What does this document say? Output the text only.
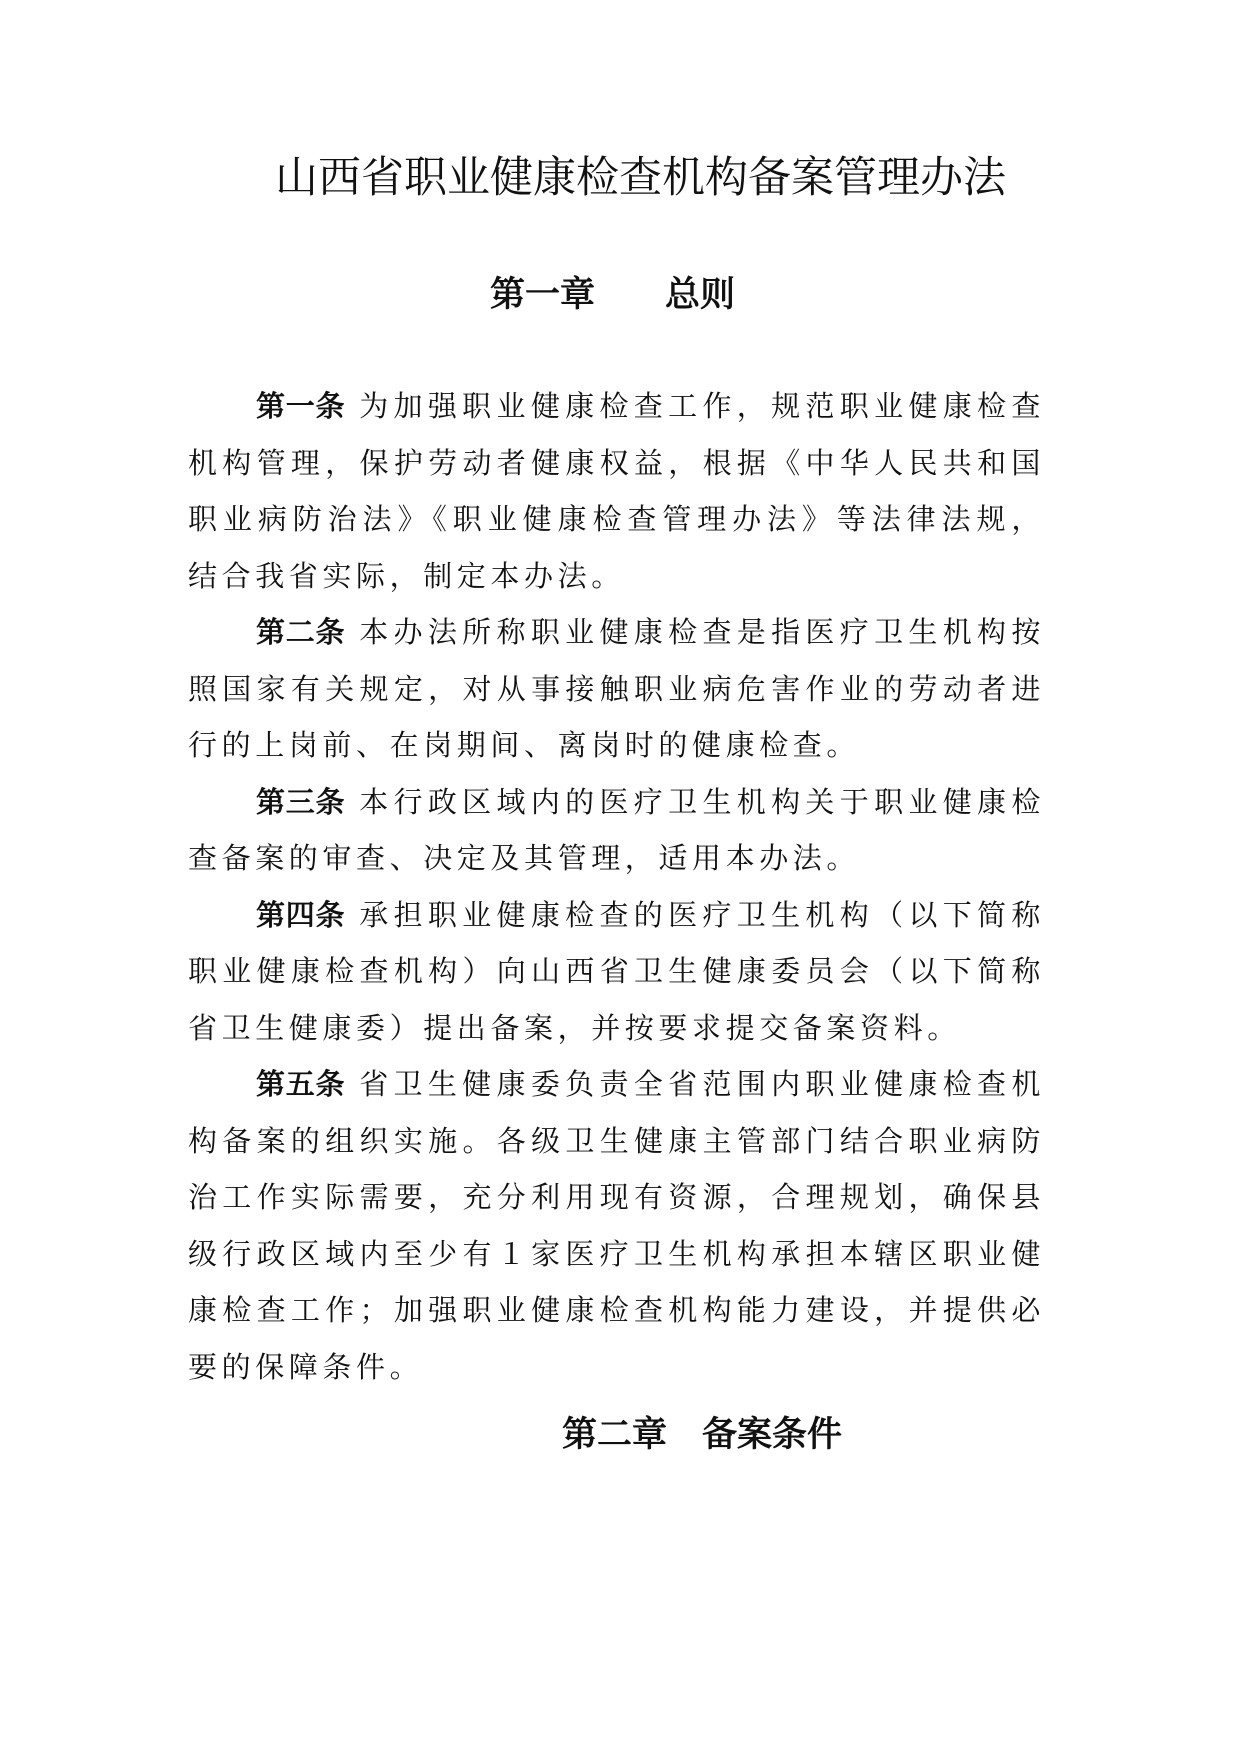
山西省职业健康检查机构备案管理办法
第一章　　总则

第一条 为加强职业健康检查工作，规范职业健康检查机构管理，保护劳动者健康权益，根据《中华人民共和国职业病防治法》《职业健康检查管理办法》等法律法规，结合我省实际，制定本办法。

第二条 本办法所称职业健康检查是指医疗卫生机构按照国家有关规定，对从事接触职业病危害作业的劳动者进行的上岗前、在岗期间、离岗时的健康检查。

第三条 本行政区域内的医疗卫生机构关于职业健康检查备案的审查、决定及其管理，适用本办法。

第四条 承担职业健康检查的医疗卫生机构（以下简称职业健康检查机构）向山西省卫生健康委员会（以下简称省卫生健康委）提出备案，并按要求提交备案资料。

第五条 省卫生健康委负责全省范围内职业健康检查机构备案的组织实施。各级卫生健康主管部门结合职业病防治工作实际需要，充分利用现有资源，合理规划，确保县级行政区域内至少有１家医疗卫生机构承担本辖区职业健康检查工作；加强职业健康检查机构能力建设，并提供必要的保障条件。

第二章　备案条件
